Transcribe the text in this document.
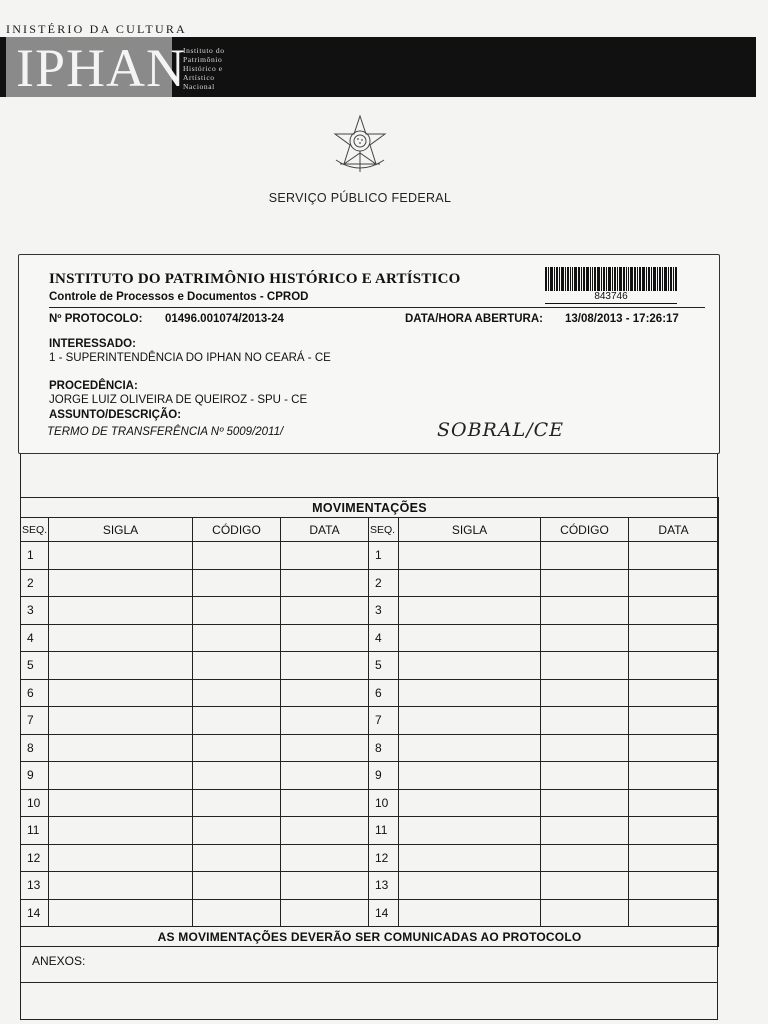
INISTÉRIO DA CULTURA
IPHAN
Instituto do
Patrimônio
Histórico e
Artístico
Nacional
SERVIÇO PÚBLICO FEDERAL
INSTITUTO DO PATRIMÔNIO HISTÓRICO E ARTÍSTICO
Controle de Processos e Documentos - CPROD	843746
Nº PROTOCOLO: 01496.001074/2013-24	DATA/HORA ABERTURA: 13/08/2013 - 17:26:17
INTERESSADO:
1 - SUPERINTENDÊNCIA DO IPHAN NO CEARÁ - CE
PROCEDÊNCIA:
JORGE LUIZ OLIVEIRA DE QUEIROZ - SPU - CE
ASSUNTO/DESCRIÇÃO:
TERMO DE TRANSFERÊNCIA Nº 5009/2011/	SOBRAL/CE
MOVIMENTAÇÕES							
SEQ.	SIGLA	CÓDIGO	DATA	SEQ.	SIGLA	CÓDIGO	DATA
1				1			
2				2			
3				3			
4				4			
5				5			
6				6			
7				7			
8				8			
9				9			
10				10			
11				11			
12				12			
13				13			
14				14			
AS MOVIMENTAÇÕES DEVERÃO SER COMUNICADAS AO PROTOCOLO							
ANEXOS:
